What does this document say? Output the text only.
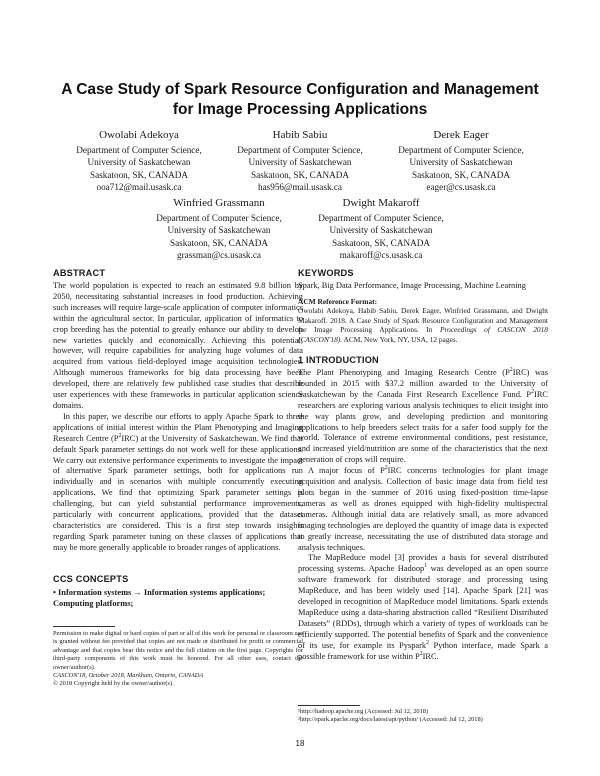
A Case Study of Spark Resource Configuration and Management
for Image Processing Applications
Owolabi Adekoya
Department of Computer Science,
University of Saskatchewan
Saskatoon, SK, CANADA
ooa712@mail.usask.ca
Habib Sabiu
Department of Computer Science,
University of Saskatchewan
Saskatoon, SK, CANADA
has956@mail.usask.ca
Derek Eager
Department of Computer Science,
University of Saskatchewan
Saskatoon, SK, CANADA
eager@cs.usask.ca
Winfried Grassmann
Department of Computer Science,
University of Saskatchewan
Saskatoon, SK, CANADA
grassman@cs.usask.ca
Dwight Makaroff
Department of Computer Science,
University of Saskatchewan
Saskatoon, SK, CANADA
makaroff@cs.usask.ca
ABSTRACT
The world population is expected to reach an estimated 9.8 billion by 2050, necessitating substantial increases in food production. Achieving such increases will require large-scale application of computer informatics within the agricultural sector. In particular, application of informatics to crop breeding has the potential to greatly enhance our ability to develop new varieties quickly and economically. Achieving this potential, however, will require capabilities for analyzing huge volumes of data acquired from various field-deployed image acquisition technologies. Although numerous frameworks for big data processing have been developed, there are relatively few published case studies that describe user experiences with these frameworks in particular application science domains.
In this paper, we describe our efforts to apply Apache Spark to three applications of initial interest within the Plant Phenotyping and Imaging Research Centre $(P^2IRC)$ at the University of Saskatchewan. We find that default Spark parameter settings do not work well for these applications. We carry out extensive performance experiments to investigate the impact of alternative Spark parameter settings, both for applications run individually and in scenarios with multiple concurrently executing applications. We find that optimizing Spark parameter settings is challenging, but can yield substantial performance improvements, particularly with concurrent applications, provided that the dataset characteristics are considered. This is a first step towards insights regarding Spark parameter tuning on these classes of applications that may be more generally applicable to broader ranges of applications.
CCS CONCEPTS
• Information systems → Information systems applications;
Computing platforms;
Permission to make digital or hard copies of part or all of this work for personal or classroom use is granted without fee provided that copies are not made or distributed for profit or commercial advantage and that copies bear this notice and the full citation on the first page. Copyrights for third-party components of this work must be honored. For all other uses, contact the owner/author(s).
CASCON'18, October 2018, Markham, Ontario, CANADA
© 2018 Copyright held by the owner/author(s).
KEYWORDS
Spark, Big Data Performance, Image Processing, Machine Learning
ACM Reference Format:
Owolabi Adekoya, Habib Sabiu, Derek Eager, Winfried Grassmann, and Dwight Makaroff. 2018. A Case Study of Spark Resource Configuration and Management for Image Processing Applications. In Proceedings of CASCON 2018 (CASCON'18). ACM, New York, NY, USA, 12 pages.
1 INTRODUCTION
The Plant Phenotyping and Imaging Research Centre $(P^2IRC)$ was founded in 2015 with $37.2 million awarded to the University of Saskatchewan by the Canada First Research Excellence Fund. $P^2IRC$ researchers are exploring various analysis techniques to elicit insight into the way plants grow, and developing prediction and monitoring applications to help breeders select traits for a safer food supply for the world. Tolerance of extreme environmental conditions, pest resistance, and increased yield/nutrition are some of the characteristics that the next generation of crops will require.
A major focus of $P^2IRC$ concerns technologies for plant image acquisition and analysis. Collection of basic image data from field test plots began in the summer of 2016 using fixed-position time-lapse cameras as well as drones equipped with high-fidelity multispectral cameras. Although initial data are relatively small, as more advanced imaging technologies are deployed the quantity of image data is expected to greatly increase, necessitating the use of distributed data storage and analysis techniques.
The MapReduce model [3] provides a basis for several distributed processing systems. Apache Hadoop$^1$ was developed as an open source software framework for distributed storage and processing using MapReduce, and has been widely used [14]. Apache Spark [21] was developed in recognition of MapReduce model limitations. Spark extends MapReduce using a data-sharing abstraction called “Resilient Distributed Datasets” (RDDs), through which a variety of types of workloads can be efficiently supported. The potential benefits of Spark and the convenience of its use, for example its Pyspark$^2$ Python interface, made Spark a possible framework for use within $P^2IRC$.
¹http://hadoop.apache.org (Accessed: Jul 12, 2018)
²http://spark.apache.org/docs/latest/api/python/ (Accessed: Jul 12, 2018)
18
